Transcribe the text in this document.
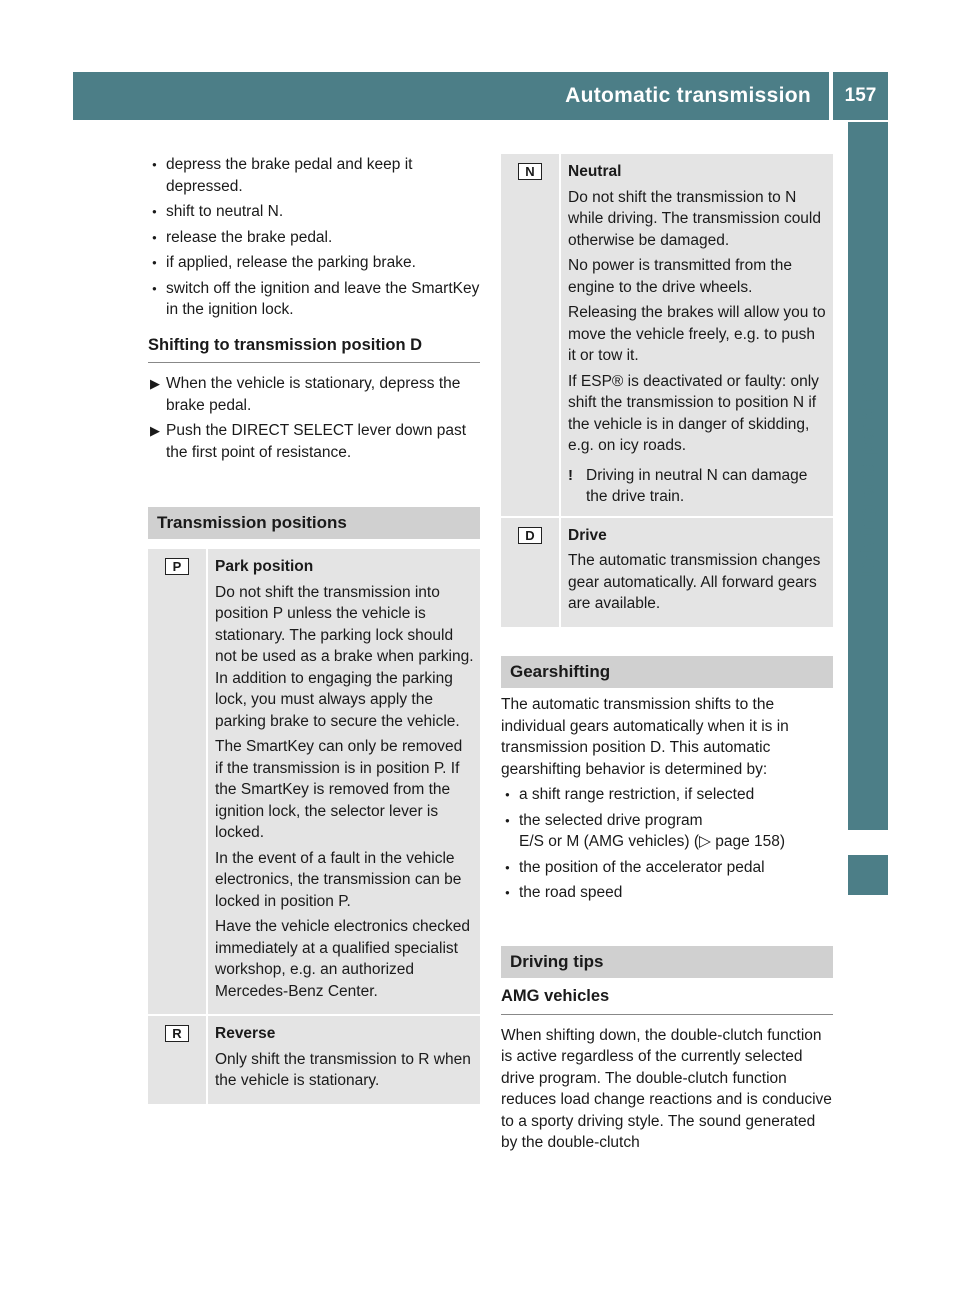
Automatic transmission	157
Driving and parking
● depress the brake pedal and keep it depressed.
● shift to neutral N.
● release the brake pedal.
● if applied, release the parking brake.
● switch off the ignition and leave the SmartKey in the ignition lock.
Shifting to transmission position D
▶ When the vehicle is stationary, depress the brake pedal.
▶ Push the DIRECT SELECT lever down past the first point of resistance.
Transmission positions
P	Park position
Do not shift the transmission into position P unless the vehicle is stationary. The parking lock should not be used as a brake when parking. In addition to engaging the parking lock, you must always apply the parking brake to secure the vehicle.
The SmartKey can only be removed if the transmission is in position P. If the SmartKey is removed from the ignition lock, the selector lever is locked.
In the event of a fault in the vehicle electronics, the transmission can be locked in position P.
Have the vehicle electronics checked immediately at a qualified specialist workshop, e.g. an authorized Mercedes-Benz Center.
R	Reverse
Only shift the transmission to R when the vehicle is stationary.
N	Neutral
Do not shift the transmission to N while driving. The transmission could otherwise be damaged.
No power is transmitted from the engine to the drive wheels.
Releasing the brakes will allow you to move the vehicle freely, e.g. to push it or tow it.
If ESP® is deactivated or faulty: only shift the transmission to position N if the vehicle is in danger of skidding, e.g. on icy roads.
! Driving in neutral N can damage the drive train.
D	Drive
The automatic transmission changes gear automatically. All forward gears are available.
Gearshifting
The automatic transmission shifts to the individual gears automatically when it is in transmission position D. This automatic gearshifting behavior is determined by:
● a shift range restriction, if selected
● the selected drive program
E/S or M (AMG vehicles) (▷ page 158)
● the position of the accelerator pedal
● the road speed
Driving tips
AMG vehicles
When shifting down, the double-clutch function is active regardless of the currently selected drive program. The double-clutch function reduces load change reactions and is conducive to a sporty driving style. The sound generated by the double-clutch
